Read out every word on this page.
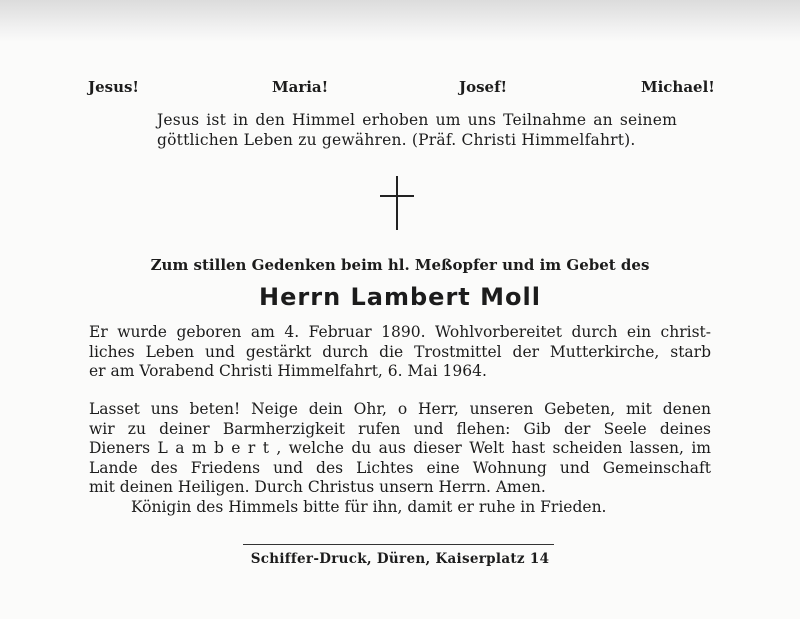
Jesus!	Maria!	Josef!	Michael!
Jesus ist in den Himmel erhoben um uns Teilnahme an seinem
göttlichen Leben zu gewähren. (Präf. Christi Himmelfahrt).
Zum stillen Gedenken beim hl. Meßopfer und im Gebet des
Herrn Lambert Moll
Er wurde geboren am 4. Februar 1890. Wohlvorbereitet durch ein christ-
liches Leben und gestärkt durch die Trostmittel der Mutterkirche, starb
er am Vorabend Christi Himmelfahrt, 6. Mai 1964.
Lasset uns beten! Neige dein Ohr, o Herr, unseren Gebeten, mit denen
wir zu deiner Barmherzigkeit rufen und flehen: Gib der Seele deines
Dieners L a m b e r t , welche du aus dieser Welt hast scheiden lassen, im
Lande des Friedens und des Lichtes eine Wohnung und Gemeinschaft
mit deinen Heiligen. Durch Christus unsern Herrn. Amen.
Königin des Himmels bitte für ihn, damit er ruhe in Frieden.
Schiffer-Druck, Düren, Kaiserplatz 14
